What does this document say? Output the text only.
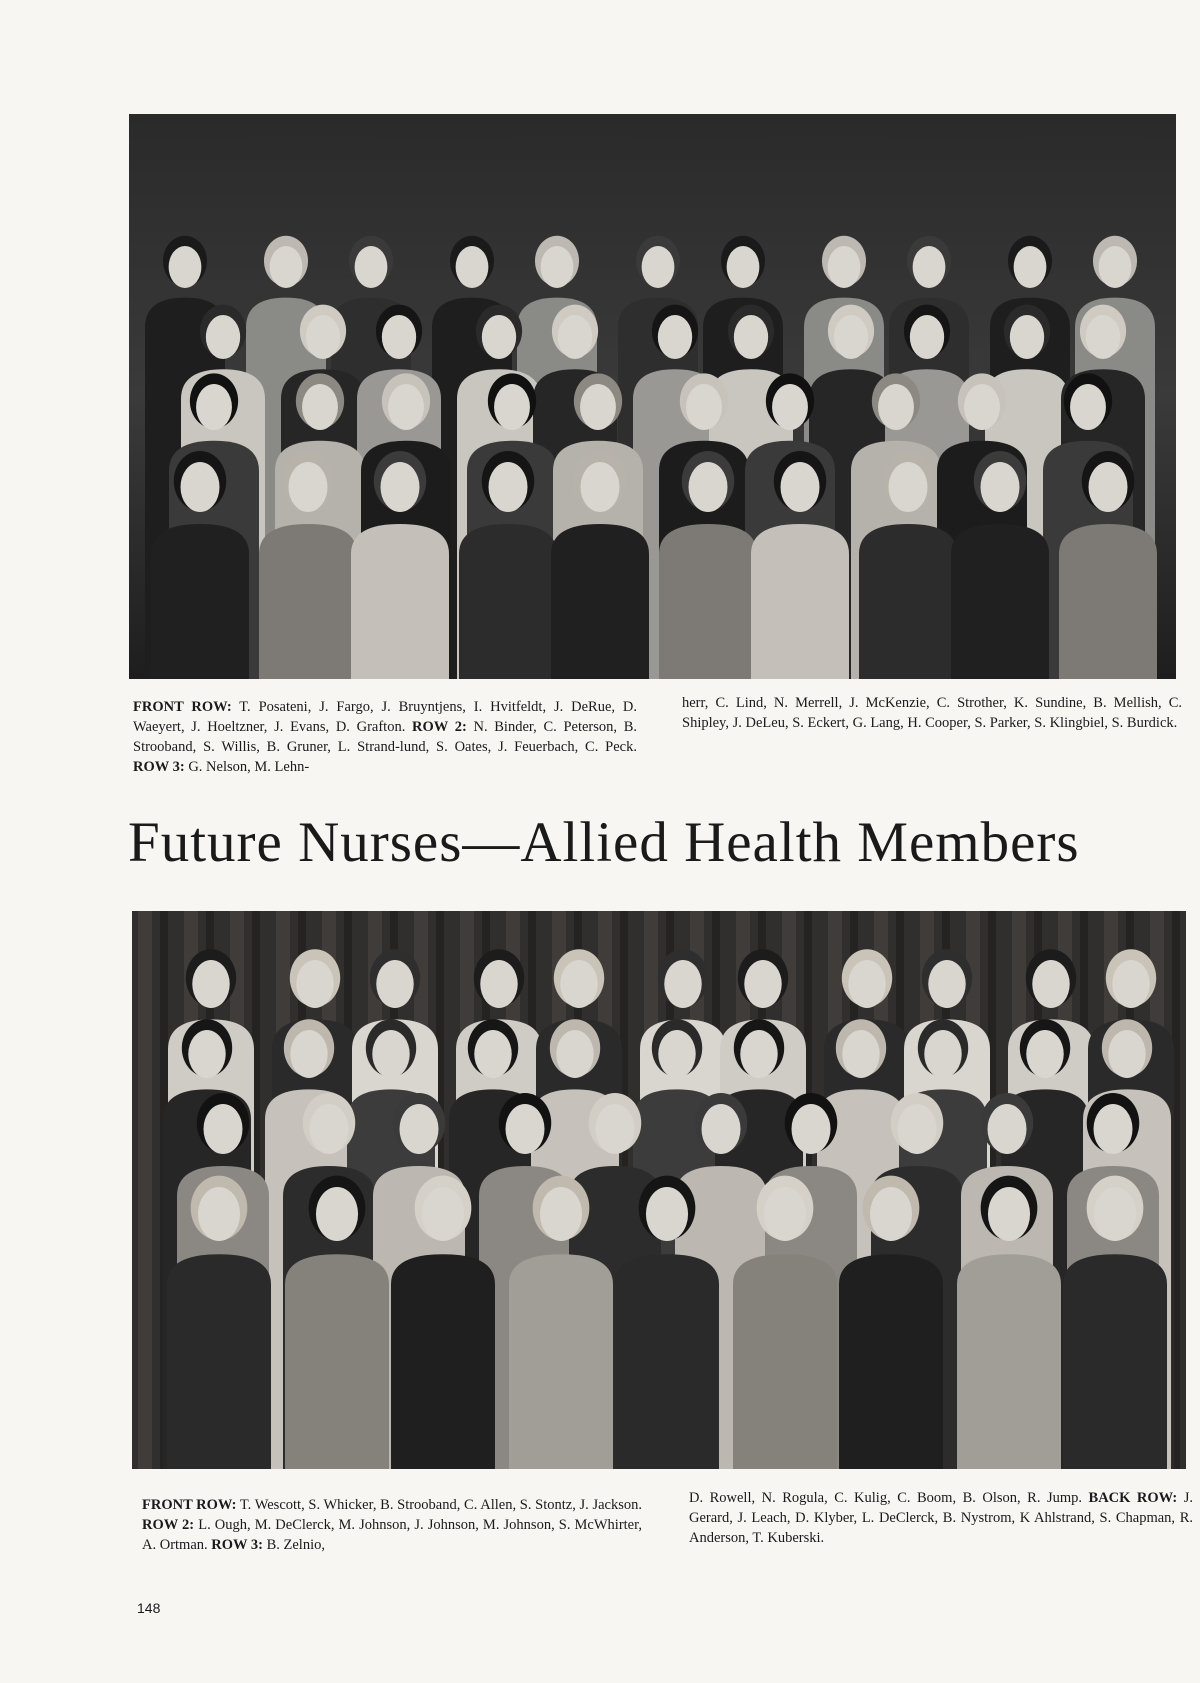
FRONT ROW: T. Posateni, J. Fargo, J. Bruyntjens, I. Hvitfeldt, J. DeRue, D. Waeyert, J. Hoeltzner, J. Evans, D. Grafton. ROW 2: N. Binder, C. Peterson, B. Strooband, S. Willis, B. Gruner, L. Strand-lund, S. Oates, J. Feuerbach, C. Peck. ROW 3: G. Nelson, M. Lehn-
herr, C. Lind, N. Merrell, J. McKenzie, C. Strother, K. Sundine, B. Mellish, C. Shipley, J. DeLeu, S. Eckert, G. Lang, H. Cooper, S. Parker, S. Klingbiel, S. Burdick.
Future Nurses—Allied Health Members
FRONT ROW: T. Wescott, S. Whicker, B. Strooband, C. Allen, S. Stontz, J. Jackson. ROW 2: L. Ough, M. DeClerck, M. Johnson, J. Johnson, M. Johnson, S. McWhirter, A. Ortman. ROW 3: B. Zelnio,
D. Rowell, N. Rogula, C. Kulig, C. Boom, B. Olson, R. Jump. BACK ROW: J. Gerard, J. Leach, D. Klyber, L. DeClerck, B. Nystrom, K Ahlstrand, S. Chapman, R. Anderson, T. Kuberski.
148
